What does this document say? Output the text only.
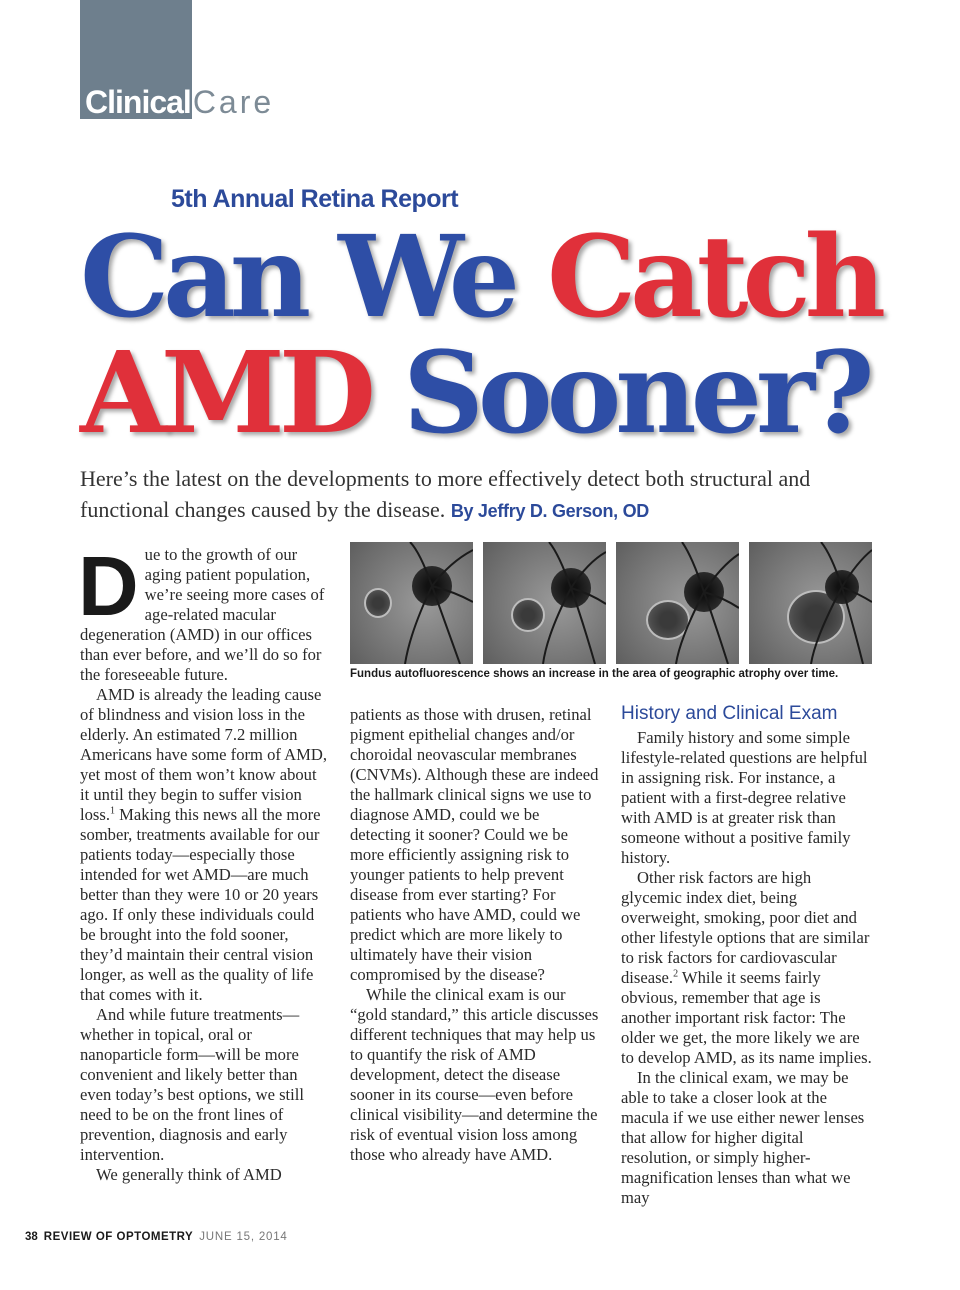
ClinicalCare
5th Annual Retina Report
Can We Catch
AMD Sooner?
Here’s the latest on the developments to more effectively detect both structural and functional changes caused by the disease. By Jeffry D. Gerson, OD

Due to the growth of our aging patient population, we’re seeing more cases of age-related macular degeneration (AMD) in our offices than ever before, and we’ll do so for the foreseeable future.

AMD is already the leading cause of blindness and vision loss in the elderly. An estimated 7.2 million Americans have some form of AMD, yet most of them won’t know about it until they begin to suffer vision loss.$^1$ Making this news all the more somber, treatments available for our patients today—especially those intended for wet AMD—are much better than they were 10 or 20 years ago. If only these individuals could be brought into the fold sooner, they’d maintain their central vision longer, as well as the quality of life that comes with it.

And while future treatments—whether in topical, oral or nanoparticle form—will be more convenient and likely better than even today’s best options, we still need to be on the front lines of prevention, diagnosis and early intervention.

We generally think of AMD

Fundus autofluorescence shows an increase in the area of geographic atrophy over time.

patients as those with drusen, retinal pigment epithelial changes and/or choroidal neovascular membranes (CNVMs). Although these are indeed the hallmark clinical signs we use to diagnose AMD, could we be detecting it sooner? Could we be more efficiently assigning risk to younger patients to help prevent disease from ever starting? For patients who have AMD, could we predict which are more likely to ultimately have their vision compromised by the disease?

While the clinical exam is our “gold standard,” this article discusses different techniques that may help us to quantify the risk of AMD development, detect the disease sooner in its course—even before clinical visibility—and determine the risk of eventual vision loss among those who already have AMD.

History and Clinical Exam

Family history and some simple lifestyle-related questions are helpful in assigning risk. For instance, a patient with a first-degree relative with AMD is at greater risk than someone without a positive family history.

Other risk factors are high glycemic index diet, being overweight, smoking, poor diet and other lifestyle options that are similar to risk factors for cardiovascular disease.$^2$ While it seems fairly obvious, remember that age is another important risk factor: The older we get, the more likely we are to develop AMD, as its name implies.

In the clinical exam, we may be able to take a closer look at the macula if we use either newer lenses that allow for higher digital resolution, or simply higher-magnification lenses than what we may

38 REVIEW OF OPTOMETRY JUNE 15, 2014
